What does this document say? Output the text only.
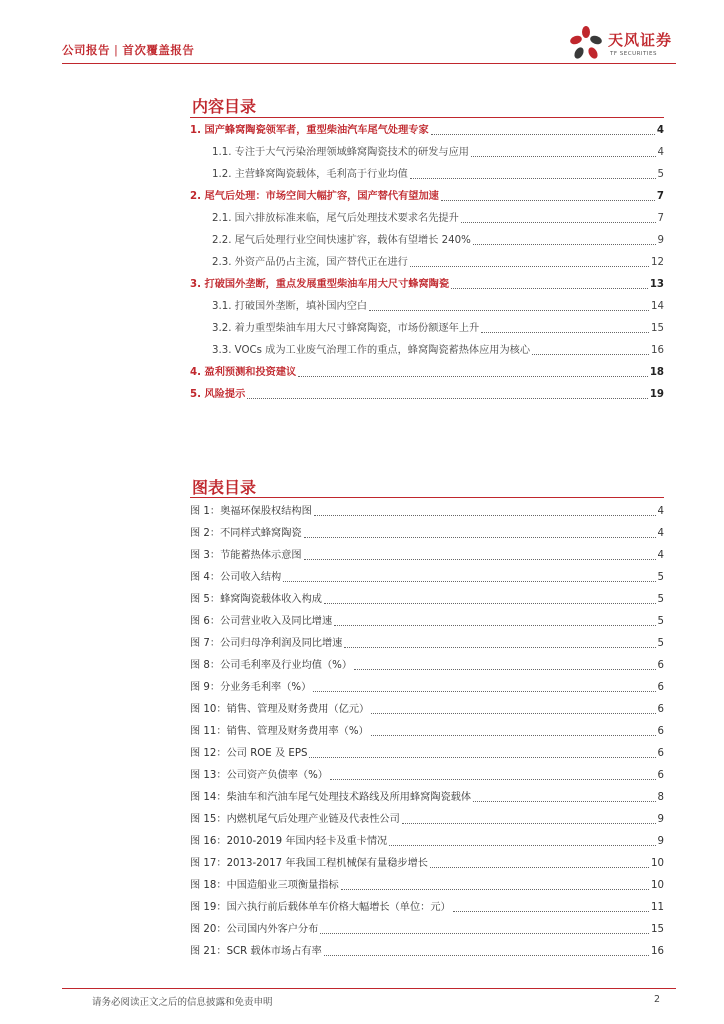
公司报告 | 首次覆盖报告
天风证券
TF SECURITIES
内容目录
1. 国产蜂窝陶瓷领军者，重型柴油汽车尾气处理专家	4
1.1. 专注于大气污染治理领域蜂窝陶瓷技术的研发与应用	4
1.2. 主营蜂窝陶瓷载体，毛利高于行业均值	5
2. 尾气后处理：市场空间大幅扩容，国产替代有望加速	7
2.1. 国六排放标准来临，尾气后处理技术要求名先提升	7
2.2. 尾气后处理行业空间快速扩容，载体有望增长 240%	9
2.3. 外资产品仍占主流，国产替代正在进行	12
3. 打破国外垄断，重点发展重型柴油车用大尺寸蜂窝陶瓷	13
3.1. 打破国外垄断，填补国内空白	14
3.2. 着力重型柴油车用大尺寸蜂窝陶瓷，市场份额逐年上升	15
3.3. VOCs 成为工业废气治理工作的重点，蜂窝陶瓷蓄热体应用为核心	16
4. 盈利预测和投资建议	18
5. 风险提示	19
图表目录
图 1：奥福环保股权结构图	4
图 2：不同样式蜂窝陶瓷	4
图 3：节能蓄热体示意图	4
图 4：公司收入结构	5
图 5：蜂窝陶瓷载体收入构成	5
图 6：公司营业收入及同比增速	5
图 7：公司归母净利润及同比增速	5
图 8：公司毛利率及行业均值（%）	6
图 9：分业务毛利率（%）	6
图 10：销售、管理及财务费用（亿元）	6
图 11：销售、管理及财务费用率（%）	6
图 12：公司 ROE 及 EPS	6
图 13：公司资产负债率（%）	6
图 14：柴油车和汽油车尾气处理技术路线及所用蜂窝陶瓷载体	8
图 15：内燃机尾气后处理产业链及代表性公司	9
图 16：2010-2019 年国内轻卡及重卡情况	9
图 17：2013-2017 年我国工程机械保有量稳步增长	10
图 18：中国造船业三项衡量指标	10
图 19：国六执行前后载体单车价格大幅增长（单位：元）	11
图 20：公司国内外客户分布	15
图 21：SCR 载体市场占有率	16
请务必阅读正文之后的信息披露和免责申明	2
